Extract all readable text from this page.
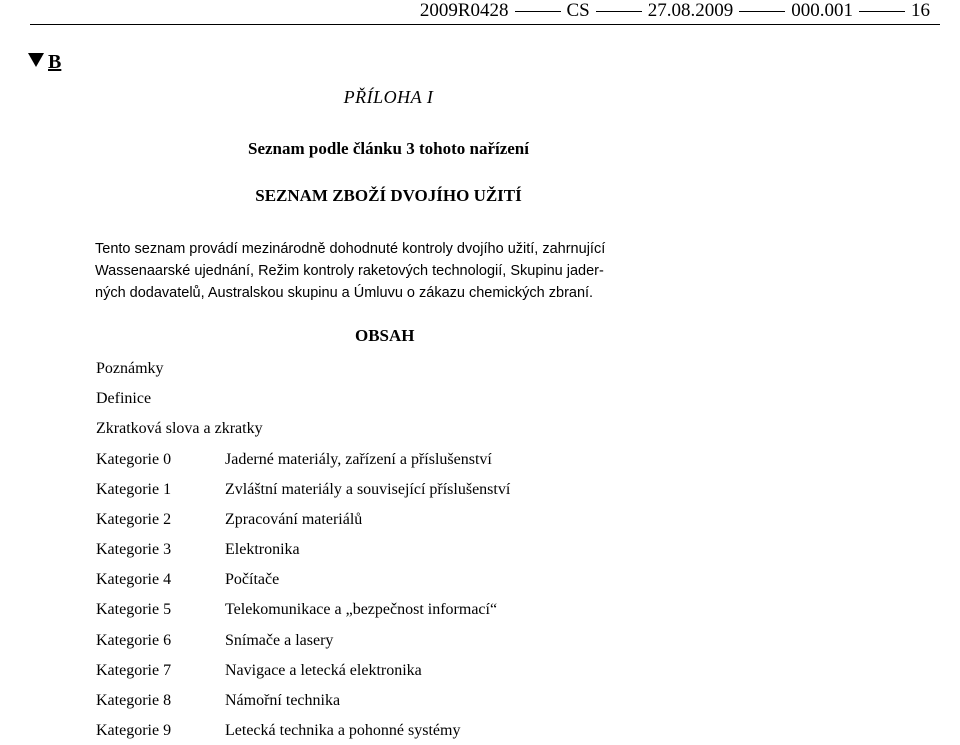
2009R0428	CS	27.08.2009	000.001	16
B
PŘÍLOHA I
Seznam podle článku 3 tohoto nařízení
SEZNAM ZBOŽÍ DVOJÍHO UŽITÍ
Tento seznam provádí mezinárodně dohodnuté kontroly dvojího užití, zahrnující
Wassenaarské ujednání, Režim kontroly raketových technologií, Skupinu jader-
ných dodavatelů, Australskou skupinu a Úmluvu o zákazu chemických zbraní.
OBSAH
Poznámky
Definice
Zkratková slova a zkratky
Kategorie 0	Jaderné materiály, zařízení a příslušenství
Kategorie 1	Zvláštní materiály a související příslušenství
Kategorie 2	Zpracování materiálů
Kategorie 3	Elektronika
Kategorie 4	Počítače
Kategorie 5	Telekomunikace a „bezpečnost informací“
Kategorie 6	Snímače a lasery
Kategorie 7	Navigace a letecká elektronika
Kategorie 8	Námořní technika
Kategorie 9	Letecká technika a pohonné systémy
